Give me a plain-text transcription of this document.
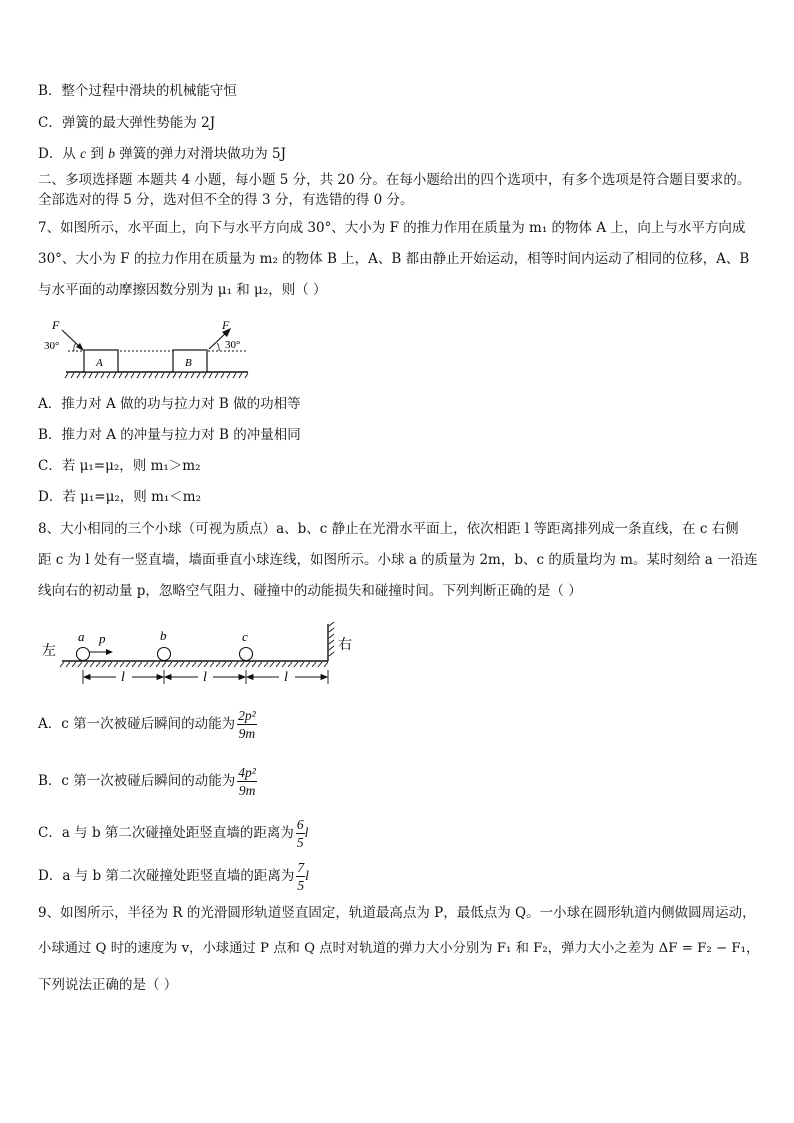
B．整个过程中滑块的机械能守恒
C．弹簧的最大弹性势能为 2J
D．从 c 到 b 弹簧的弹力对滑块做功为 5J
二、多项选择题 本题共 4 小题，每小题 5 分，共 20 分。在每小题给出的四个选项中，有多个选项是符合题目要求的。
全部选对的得 5 分，选对但不全的得 3 分，有选错的得 0 分。
7、如图所示，水平面上，向下与水平方向成 30°、大小为 F 的推力作用在质量为 m₁ 的物体 A 上，向上与水平方向成
30°、大小为 F 的拉力作用在质量为 m₂ 的物体 B 上，A、B 都由静止开始运动，相等时间内运动了相同的位移，A、B
与水平面的动摩擦因数分别为 μ₁ 和 μ₂，则（ ）
F
30°
A	B
F
30°
A．推力对 A 做的功与拉力对 B 做的功相等
B．推力对 A 的冲量与拉力对 B 的冲量相同
C．若 μ₁=μ₂，则 m₁＞m₂
D．若 μ₁=μ₂，则 m₁＜m₂
8、大小相同的三个小球（可视为质点）a、b、c 静止在光滑水平面上，依次相距 l 等距离排列成一条直线，在 c 右侧
距 c 为 l 处有一竖直墙，墙面垂直小球连线，如图所示。小球 a 的质量为 2m，b、c 的质量均为 m。某时刻给 a 一沿连
线向右的初动量 p，忽略空气阻力、碰撞中的动能损失和碰撞时间。下列判断正确的是（ ）
左	右
a p	b	c
l	l	l
A．c 第一次被碰后瞬间的动能为 $\frac{\text{2p²}}{9m}$
B．c 第一次被碰后瞬间的动能为 $\frac{\text{4p²}}{9m}$
C．a 与 b 第二次碰撞处距竖直墙的距离为 $\frac{6}{5}$ l
D．a 与 b 第二次碰撞处距竖直墙的距离为 $\frac{7}{5}$ l
9、如图所示，半径为 R 的光滑圆形轨道竖直固定，轨道最高点为 P，最低点为 Q。一小球在圆形轨道内侧做圆周运动，
小球通过 Q 时的速度为 v，小球通过 P 点和 Q 点时对轨道的弹力大小分别为 F₁ 和 F₂，弹力大小之差为 ΔF = F₂ − F₁，
下列说法正确的是（ ）
